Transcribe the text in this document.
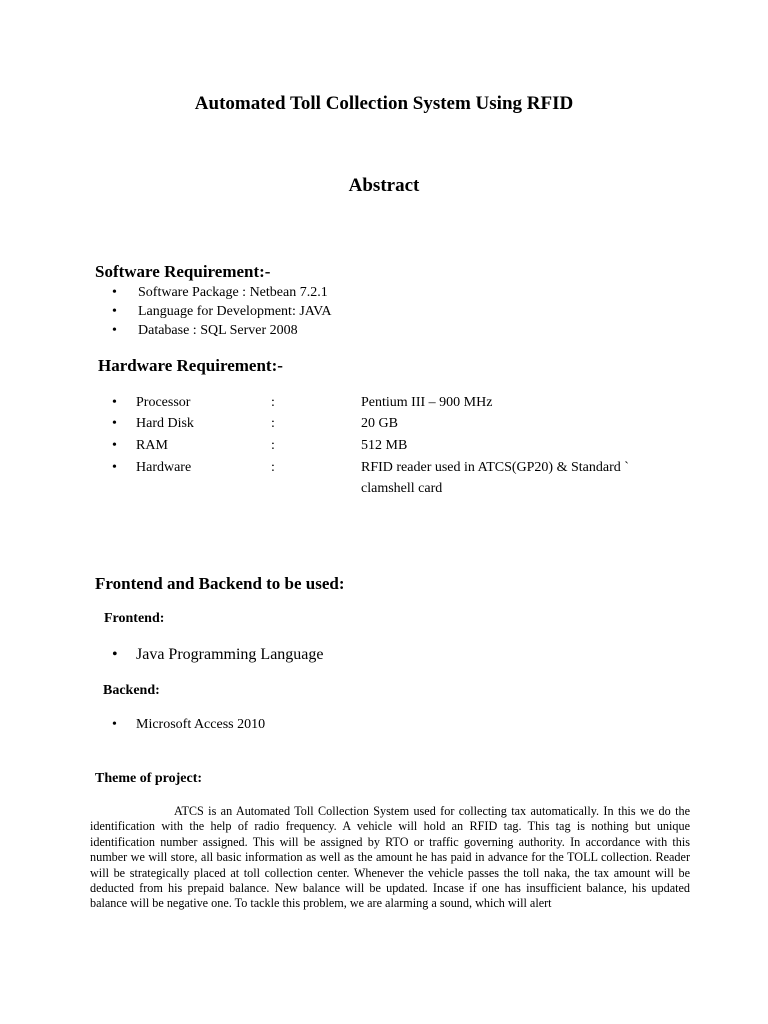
Automated Toll Collection System Using RFID
Abstract
Software Requirement:-
• Software Package : Netbean 7.2.1
• Language for Development: JAVA
• Database : SQL Server 2008
Hardware Requirement:-
• Processor	:	Pentium III – 900 MHz
• Hard Disk	:	20 GB
• RAM	:	512 MB
• Hardware	:	RFID reader used in ATCS(GP20) & Standard ` clamshell card
Frontend and Backend to be used:
Frontend:
• Java Programming Language
Backend:
• Microsoft Access 2010
Theme of project:

ATCS is an Automated Toll Collection System used for collecting tax automatically. In this we do the identification with the help of radio frequency. A vehicle will hold an RFID tag. This tag is nothing but unique identification number assigned. This will be assigned by RTO or traffic governing authority. In accordance with this number we will store, all basic information as well as the amount he has paid in advance for the TOLL collection. Reader will be strategically placed at toll collection center. Whenever the vehicle passes the toll naka, the tax amount will be deducted from his prepaid balance. New balance will be updated. Incase if one has insufficient balance, his updated balance will be negative one. To tackle this problem, we are alarming a sound, which will alert
